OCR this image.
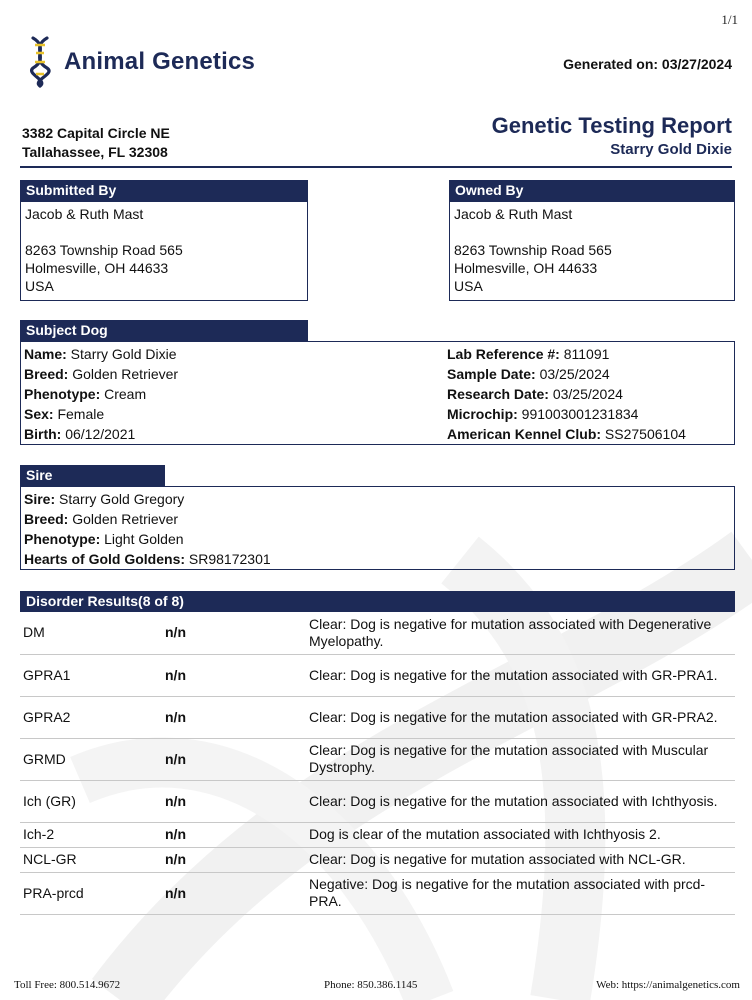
1/1
Animal Genetics	Generated on: 03/27/2024
3382 Capital Circle NE
Tallahassee, FL 32308
Genetic Testing Report
Starry Gold Dixie
Submitted By
Jacob & Ruth Mast
8263 Township Road 565
Holmesville, OH 44633
USA
Owned By
Jacob & Ruth Mast
8263 Township Road 565
Holmesville, OH 44633
USA
Subject Dog
Name: Starry Gold Dixie
Breed: Golden Retriever
Phenotype: Cream
Sex: Female
Birth: 06/12/2021
Lab Reference #: 811091
Sample Date: 03/25/2024
Research Date: 03/25/2024
Microchip: 991003001231834
American Kennel Club: SS27506104
Sire
Sire: Starry Gold Gregory
Breed: Golden Retriever
Phenotype: Light Golden
Hearts of Gold Goldens: SR98172301
Disorder Results(8 of 8)
DM	n/n	Clear: Dog is negative for mutation associated with Degenerative Myelopathy.
GPRA1	n/n	Clear: Dog is negative for the mutation associated with GR-PRA1.
GPRA2	n/n	Clear: Dog is negative for the mutation associated with GR-PRA2.
GRMD	n/n	Clear: Dog is negative for the mutation associated with Muscular Dystrophy.
Ich (GR)	n/n	Clear: Dog is negative for the mutation associated with Ichthyosis.
Ich-2	n/n	Dog is clear of the mutation associated with Ichthyosis 2.
NCL-GR	n/n	Clear: Dog is negative for mutation associated with NCL-GR.
PRA-prcd	n/n	Negative: Dog is negative for the mutation associated with prcd-PRA.
Toll Free: 800.514.9672	Phone: 850.386.1145	Web: https://animalgenetics.com
